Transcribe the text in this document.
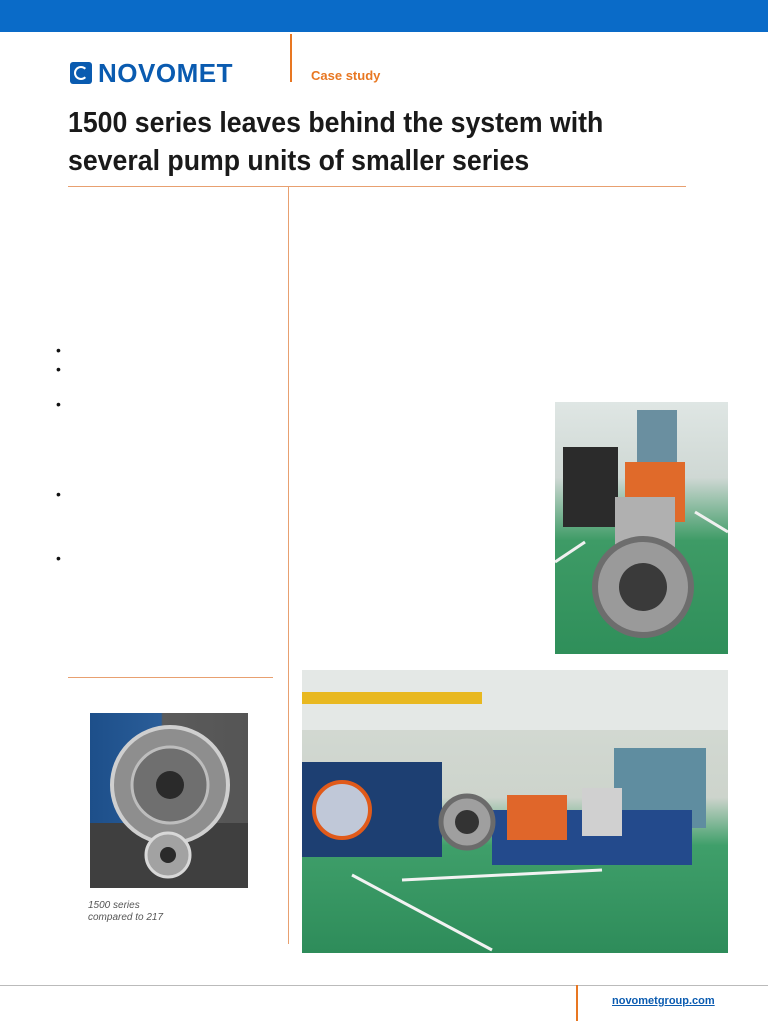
NOVOMET	Case study
1500 series leaves behind the system with several pump units of smaller series
•
•
•
•
•
1500 series
compared to 217
novometgroup.com
